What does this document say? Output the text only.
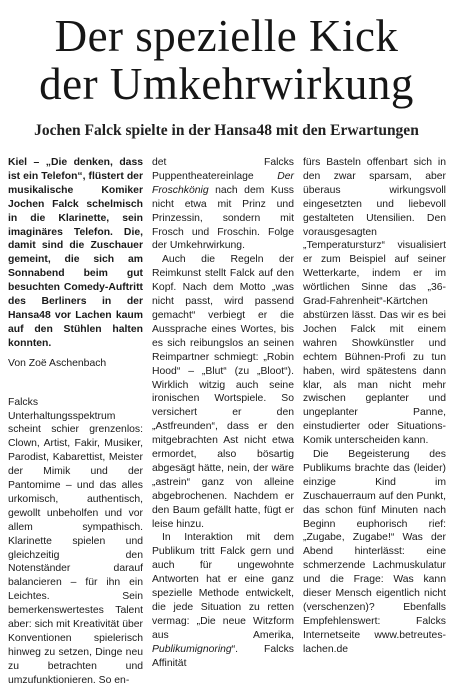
Der spezielle Kick
der Umkehrwirkung
Jochen Falck spielte in der Hansa48 mit den Erwartungen

Kiel – „Die denken, dass ist ein Telefon“, flüstert der musikalische Komiker Jochen Falck schelmisch in die Klarinette, sein imaginäres Telefon. Die, damit sind die Zuschauer gemeint, die sich am Sonnabend beim gut besuchten Comedy-Auftritt des Berliners in der Hansa48 vor Lachen kaum auf den Stühlen halten konnten.

Von Zoë Aschenbach

Falcks Unterhaltungsspektrum scheint schier grenzenlos: Clown, Artist, Fakir, Musiker, Parodist, Kabarettist, Meister der Mimik und der Pantomime – und das alles urkomisch, authentisch, gewollt unbeholfen und vor allem sympathisch. Klarinette spielen und gleichzeitig den Notenständer darauf balancieren – für ihn ein Leichtes. Sein bemerkenswertestes Talent aber: sich mit Kreativität über Konventionen spielerisch hinweg zu setzen, Dinge neu zu betrachten und umzufunktionieren. So en-

det Falcks Puppentheatereinlage Der Froschkönig nach dem Kuss nicht etwa mit Prinz und Prinzessin, sondern mit Frosch und Froschin. Folge der Umkehrwirkung.

Auch die Regeln der Reimkunst stellt Falck auf den Kopf. Nach dem Motto „was nicht passt, wird passend gemacht“ verbiegt er die Aussprache eines Wortes, bis es sich reibungslos an seinen Reimpartner schmiegt: „Robin Hood“ – „Blut“ (zu „Bloot“). Wirklich witzig auch seine ironischen Wortspiele. So versichert er den „Astfreunden“, dass er den mitgebrachten Ast nicht etwa ermordet, also bösartig abgesägt hätte, nein, der wäre „astrein“ ganz von alleine abgebrochenen. Nachdem er den Baum gefällt hatte, fügt er leise hinzu.

In Interaktion mit dem Publikum tritt Falck gern und auch für ungewohnte Antworten hat er eine ganz spezielle Methode entwickelt, die jede Situation zu retten vermag: „Die neue Witzform aus Amerika, Publikumignoring“. Falcks Affinität

fürs Basteln offenbart sich in den zwar sparsam, aber überaus wirkungsvoll eingesetzten und liebevoll gestalteten Utensilien. Den vorausgesagten „Temperatursturz“ visualisiert er zum Beispiel auf seiner Wetterkarte, indem er im wörtlichen Sinne das „36-Grad-Fahrenheit“-Kärtchen abstürzen lässt. Das wir es bei Jochen Falck mit einem wahren Showkünstler und echtem Bühnen-Profi zu tun haben, wird spätestens dann klar, als man nicht mehr zwischen geplanter und ungeplanter Panne, einstudierter oder Situations-Komik unterscheiden kann.

Die Begeisterung des Publikums brachte das (leider) einzige Kind im Zuschauerraum auf den Punkt, das schon fünf Minuten nach Beginn euphorisch rief: „Zugabe, Zugabe!“ Was der Abend hinterlässt: eine schmerzende Lachmuskulatur und die Frage: Was kann dieser Mensch eigentlich nicht (verschenzen)? Ebenfalls Empfehlenswert: Falcks Internetseite www.betreutes-lachen.de
